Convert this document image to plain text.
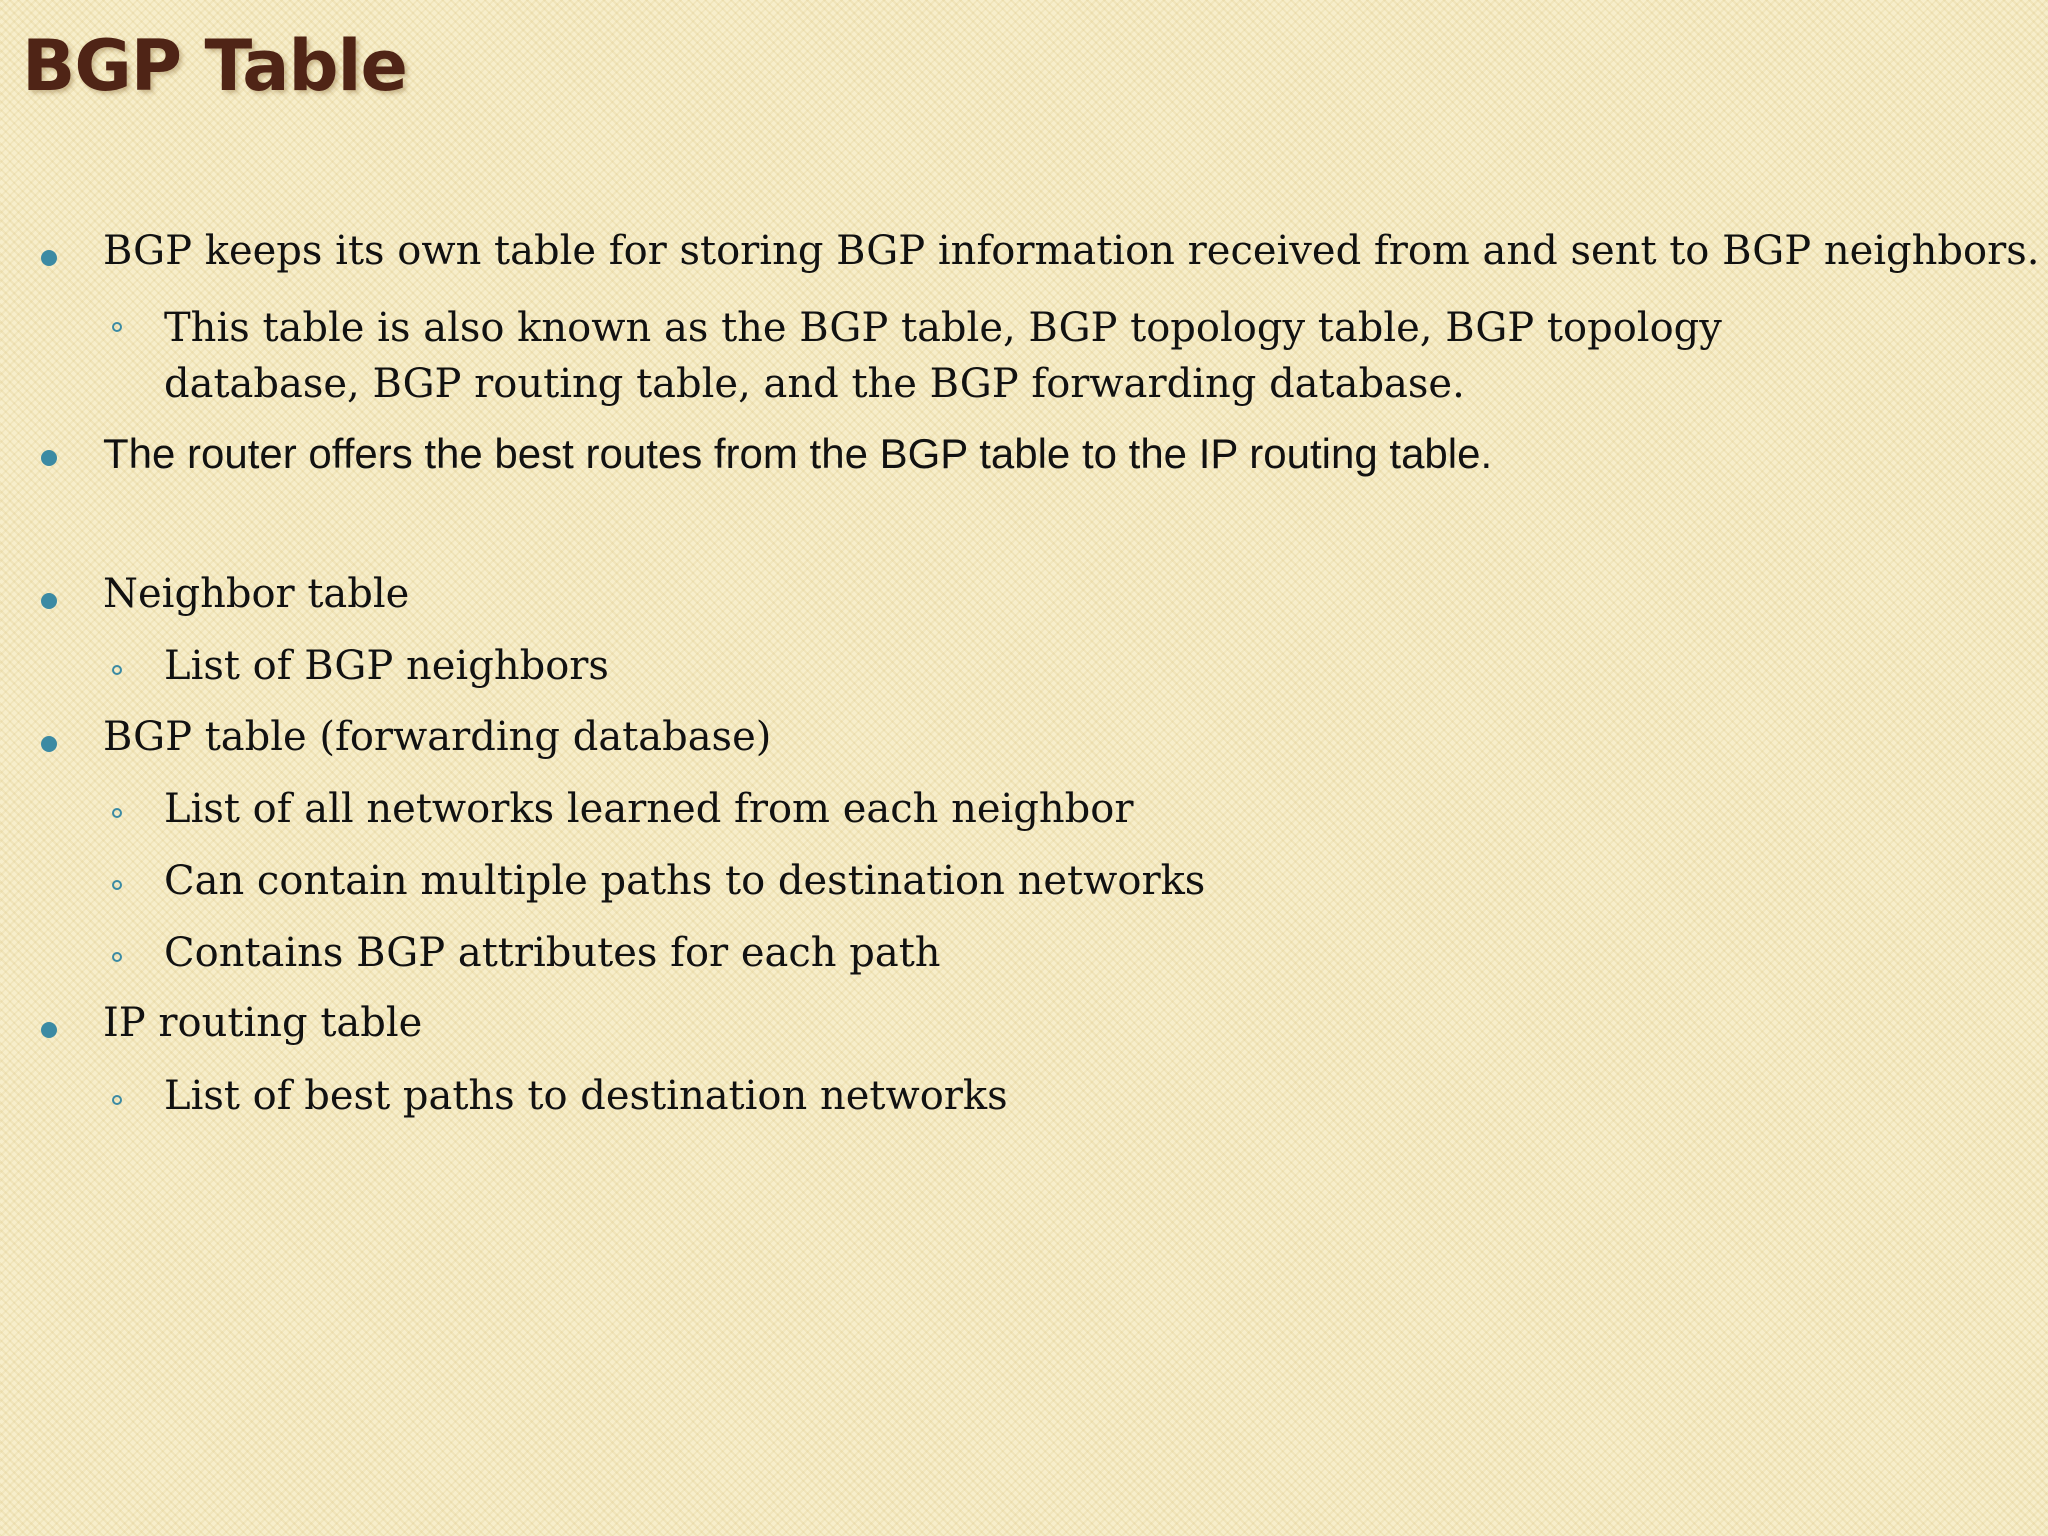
BGP Table
BGP keeps its own table for storing BGP information received from and sent to BGP neighbors.
This table is also known as the BGP table, BGP topology table, BGP topology database, BGP routing table, and the BGP forwarding database.
The router offers the best routes from the BGP table to the IP routing table.
Neighbor table
List of BGP neighbors
BGP table (forwarding database)
List of all networks learned from each neighbor
Can contain multiple paths to destination networks
Contains BGP attributes for each path
IP routing table
List of best paths to destination networks
